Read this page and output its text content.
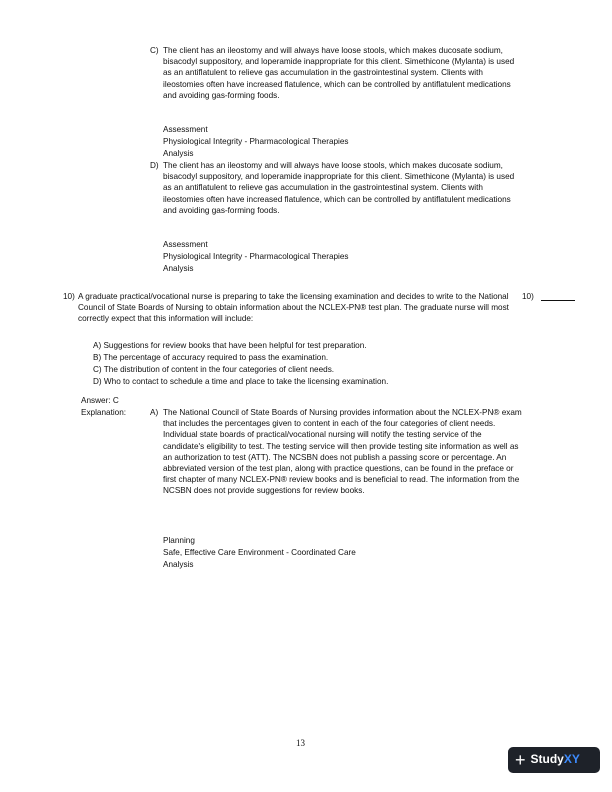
C) The client has an ileostomy and will always have loose stools, which makes ducosate sodium, bisacodyl suppository, and loperamide inappropriate for this client. Simethicone (Mylanta) is used as an antiflatulent to relieve gas accumulation in the gastrointestinal system. Clients with ileostomies often have increased flatulence, which can be controlled by antiflatulent medications and avoiding gas-forming foods.
Assessment
Physiological Integrity - Pharmacological Therapies
Analysis
D) The client has an ileostomy and will always have loose stools, which makes ducosate sodium, bisacodyl suppository, and loperamide inappropriate for this client. Simethicone (Mylanta) is used as an antiflatulent to relieve gas accumulation in the gastrointestinal system. Clients with ileostomies often have increased flatulence, which can be controlled by antiflatulent medications and avoiding gas-forming foods.
Assessment
Physiological Integrity - Pharmacological Therapies
Analysis
10) A graduate practical/vocational nurse is preparing to take the licensing examination and decides to write to the National Council of State Boards of Nursing to obtain information about the NCLEX-PN® test plan. The graduate nurse will most correctly expect that this information will include:
10)
A) Suggestions for review books that have been helpful for test preparation.
B) The percentage of accuracy required to pass the examination.
C) The distribution of content in the four categories of client needs.
D) Who to contact to schedule a time and place to take the licensing examination.
Answer: C
Explanation:	A) The National Council of State Boards of Nursing provides information about the NCLEX-PN® exam that includes the percentages given to content in each of the four categories of client needs. Individual state boards of practical/vocational nursing will notify the testing service of the candidate's eligibility to test. The testing service will then provide testing site information as well as an authorization to test (ATT). The NCSBN does not publish a passing score or percentage. An abbreviated version of the test plan, along with practice questions, can be found in the preface or first chapter of many NCLEX-PN® review books and is beneficial to read. The information from the NCSBN does not provide suggestions for review books.
Planning
Safe, Effective Care Environment - Coordinated Care
Analysis
13
+ StudyXY
